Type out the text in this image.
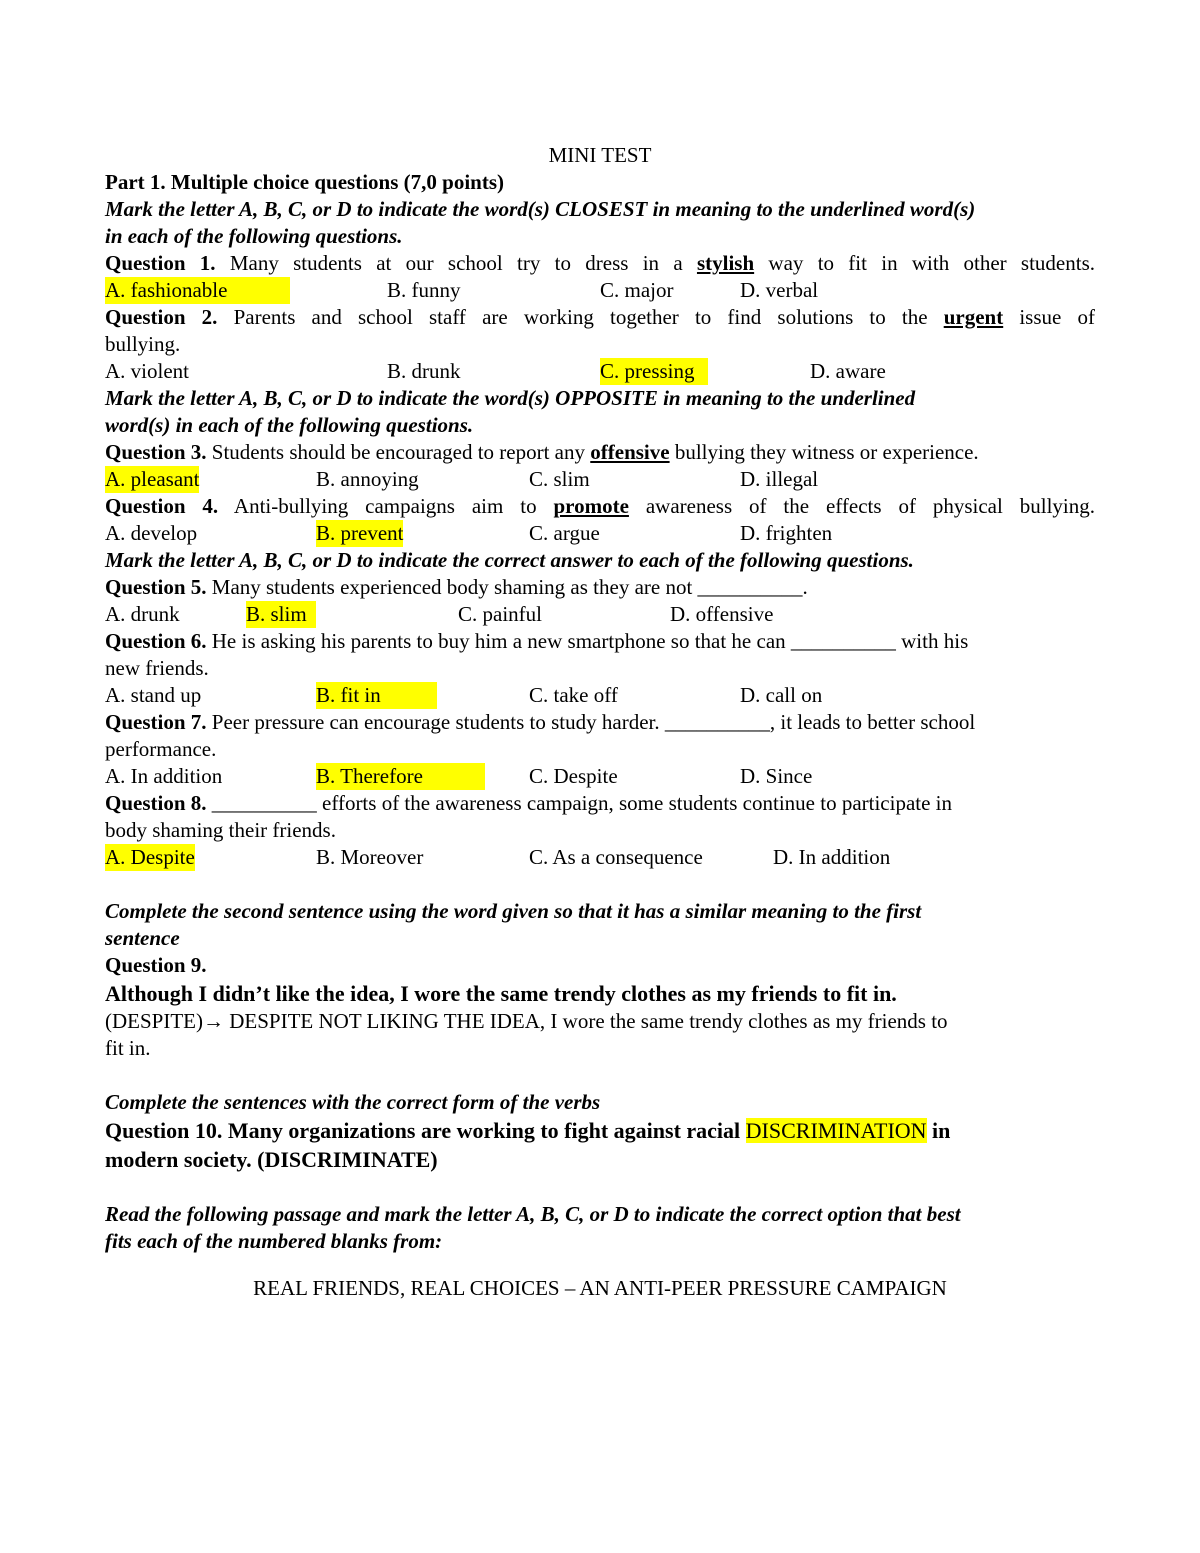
MINI TEST
Part 1. Multiple choice questions (7,0 points)
Mark the letter A, B, C, or D to indicate the word(s) CLOSEST in meaning to the underlined word(s)
in each of the following questions.
Question 1. Many students at our school try to dress in a stylish way to fit in with other students.
A. fashionable	B. funny	C. major	D. verbal
Question 2. Parents and school staff are working together to find solutions to the urgent issue of
bullying.
A. violent	B. drunk	C. pressing	D. aware
Mark the letter A, B, C, or D to indicate the word(s) OPPOSITE in meaning to the underlined
word(s) in each of the following questions.
Question 3. Students should be encouraged to report any offensive bullying they witness or experience.
A. pleasant	B. annoying	C. slim	D. illegal
Question 4. Anti-bullying campaigns aim to promote awareness of the effects of physical bullying.
A. develop	B. prevent	C. argue	D. frighten
Mark the letter A, B, C, or D to indicate the correct answer to each of the following questions.
Question 5. Many students experienced body shaming as they are not __________.
A. drunk	B. slim	C. painful	D. offensive
Question 6. He is asking his parents to buy him a new smartphone so that he can __________ with his
new friends.
A. stand up	B. fit in	C. take off	D. call on
Question 7. Peer pressure can encourage students to study harder. __________, it leads to better school
performance.
A. In addition	B. Therefore	C. Despite	D. Since
Question 8. __________ efforts of the awareness campaign, some students continue to participate in
body shaming their friends.
A. Despite	B. Moreover	C. As a consequence	D. In addition
Complete the second sentence using the word given so that it has a similar meaning to the first
sentence
Question 9.
Although I didn’t like the idea, I wore the same trendy clothes as my friends to fit in.
(DESPITE)→ DESPITE NOT LIKING THE IDEA, I wore the same trendy clothes as my friends to
fit in.
Complete the sentences with the correct form of the verbs
Question 10. Many organizations are working to fight against racial DISCRIMINATION in
modern society. (DISCRIMINATE)
Read the following passage and mark the letter A, B, C, or D to indicate the correct option that best
fits each of the numbered blanks from:
REAL FRIENDS, REAL CHOICES – AN ANTI-PEER PRESSURE CAMPAIGN
